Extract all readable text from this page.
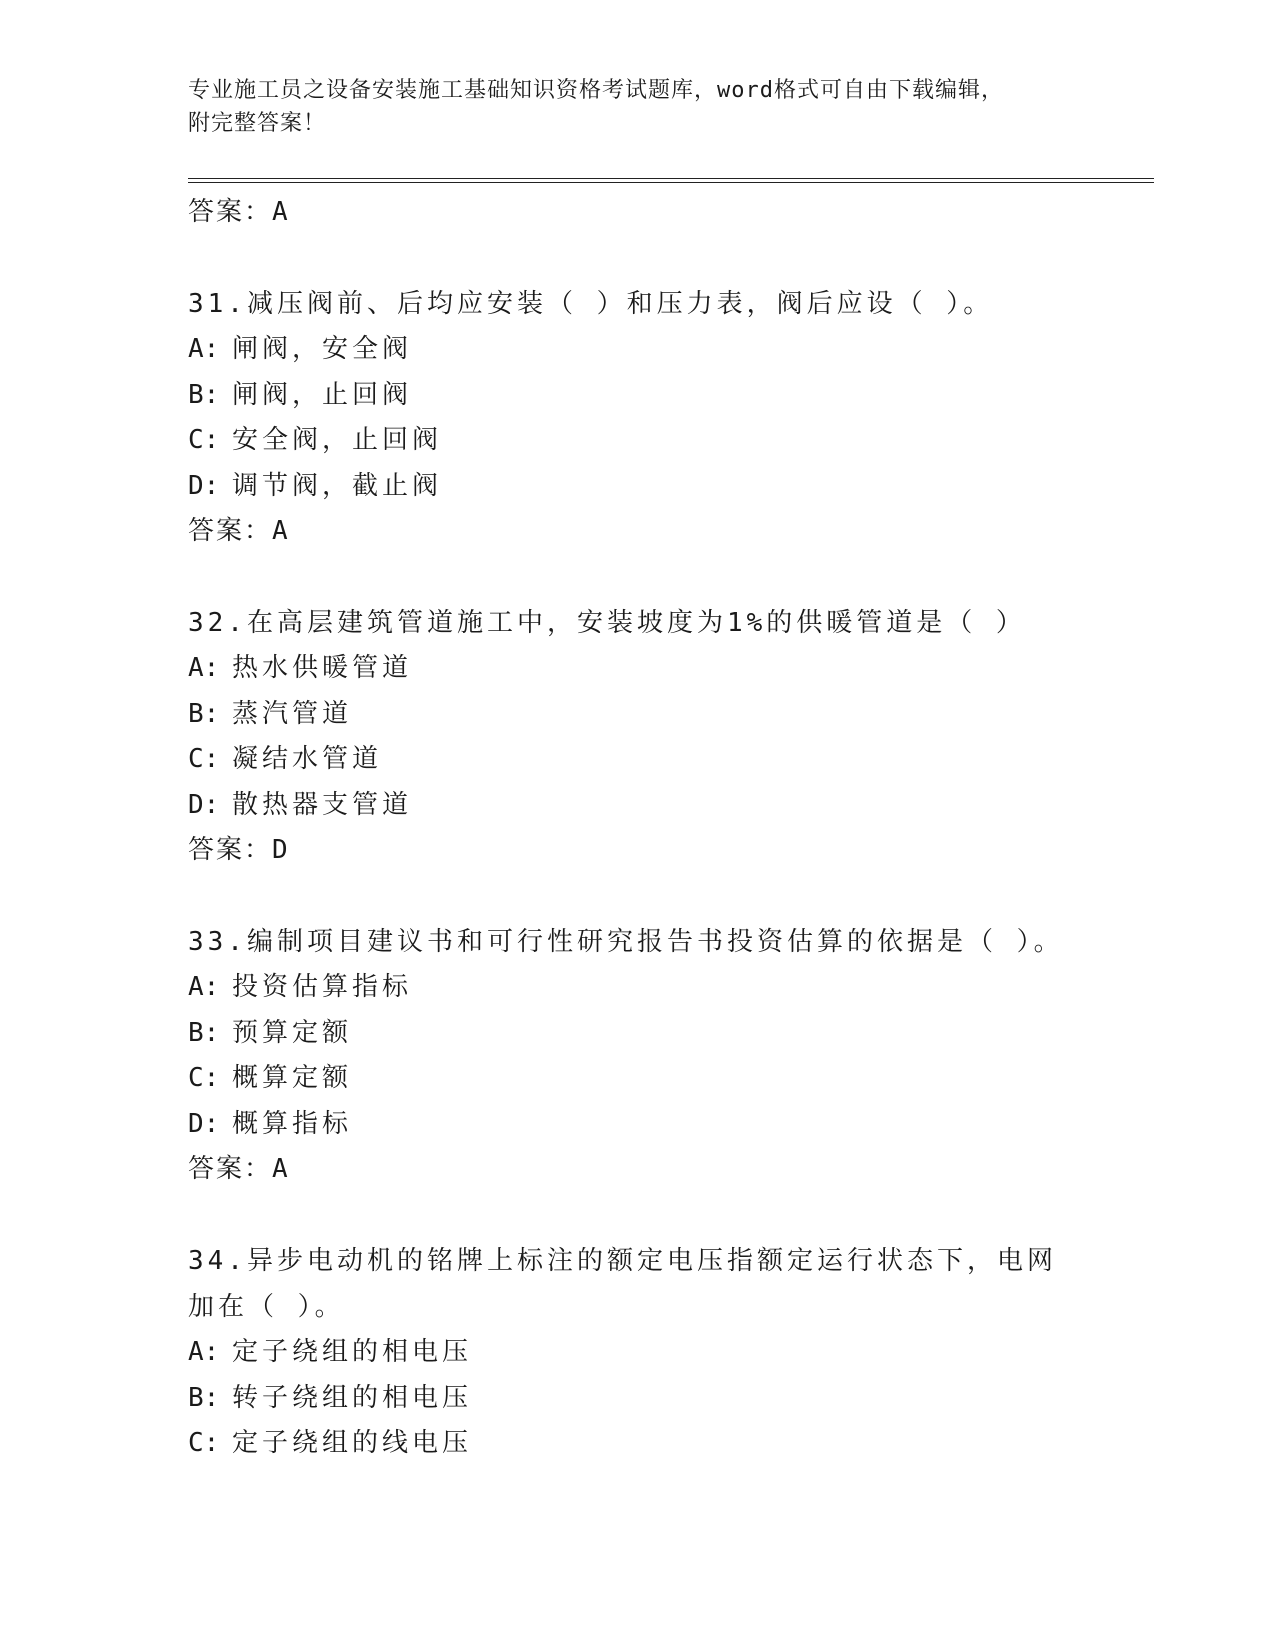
专业施工员之设备安装施工基础知识资格考试题库，word格式可自由下载编辑，
附完整答案！
答案：A

31.减压阀前、后均应安装（ ）和压力表，阀后应设（ ）。

A: 闸阀，安全阀
B: 闸阀，止回阀
C: 安全阀，止回阀
D: 调节阀，截止阀
答案：A

32.在高层建筑管道施工中，安装坡度为1%的供暖管道是（ ）

A: 热水供暖管道
B: 蒸汽管道
C: 凝结水管道
D: 散热器支管道
答案：D

33.编制项目建议书和可行性研究报告书投资估算的依据是（ ）。

A: 投资估算指标
B: 预算定额
C: 概算定额
D: 概算指标
答案：A

34.异步电动机的铭牌上标注的额定电压指额定运行状态下，电网加在（ ）。

A: 定子绕组的相电压
B: 转子绕组的相电压
C: 定子绕组的线电压
